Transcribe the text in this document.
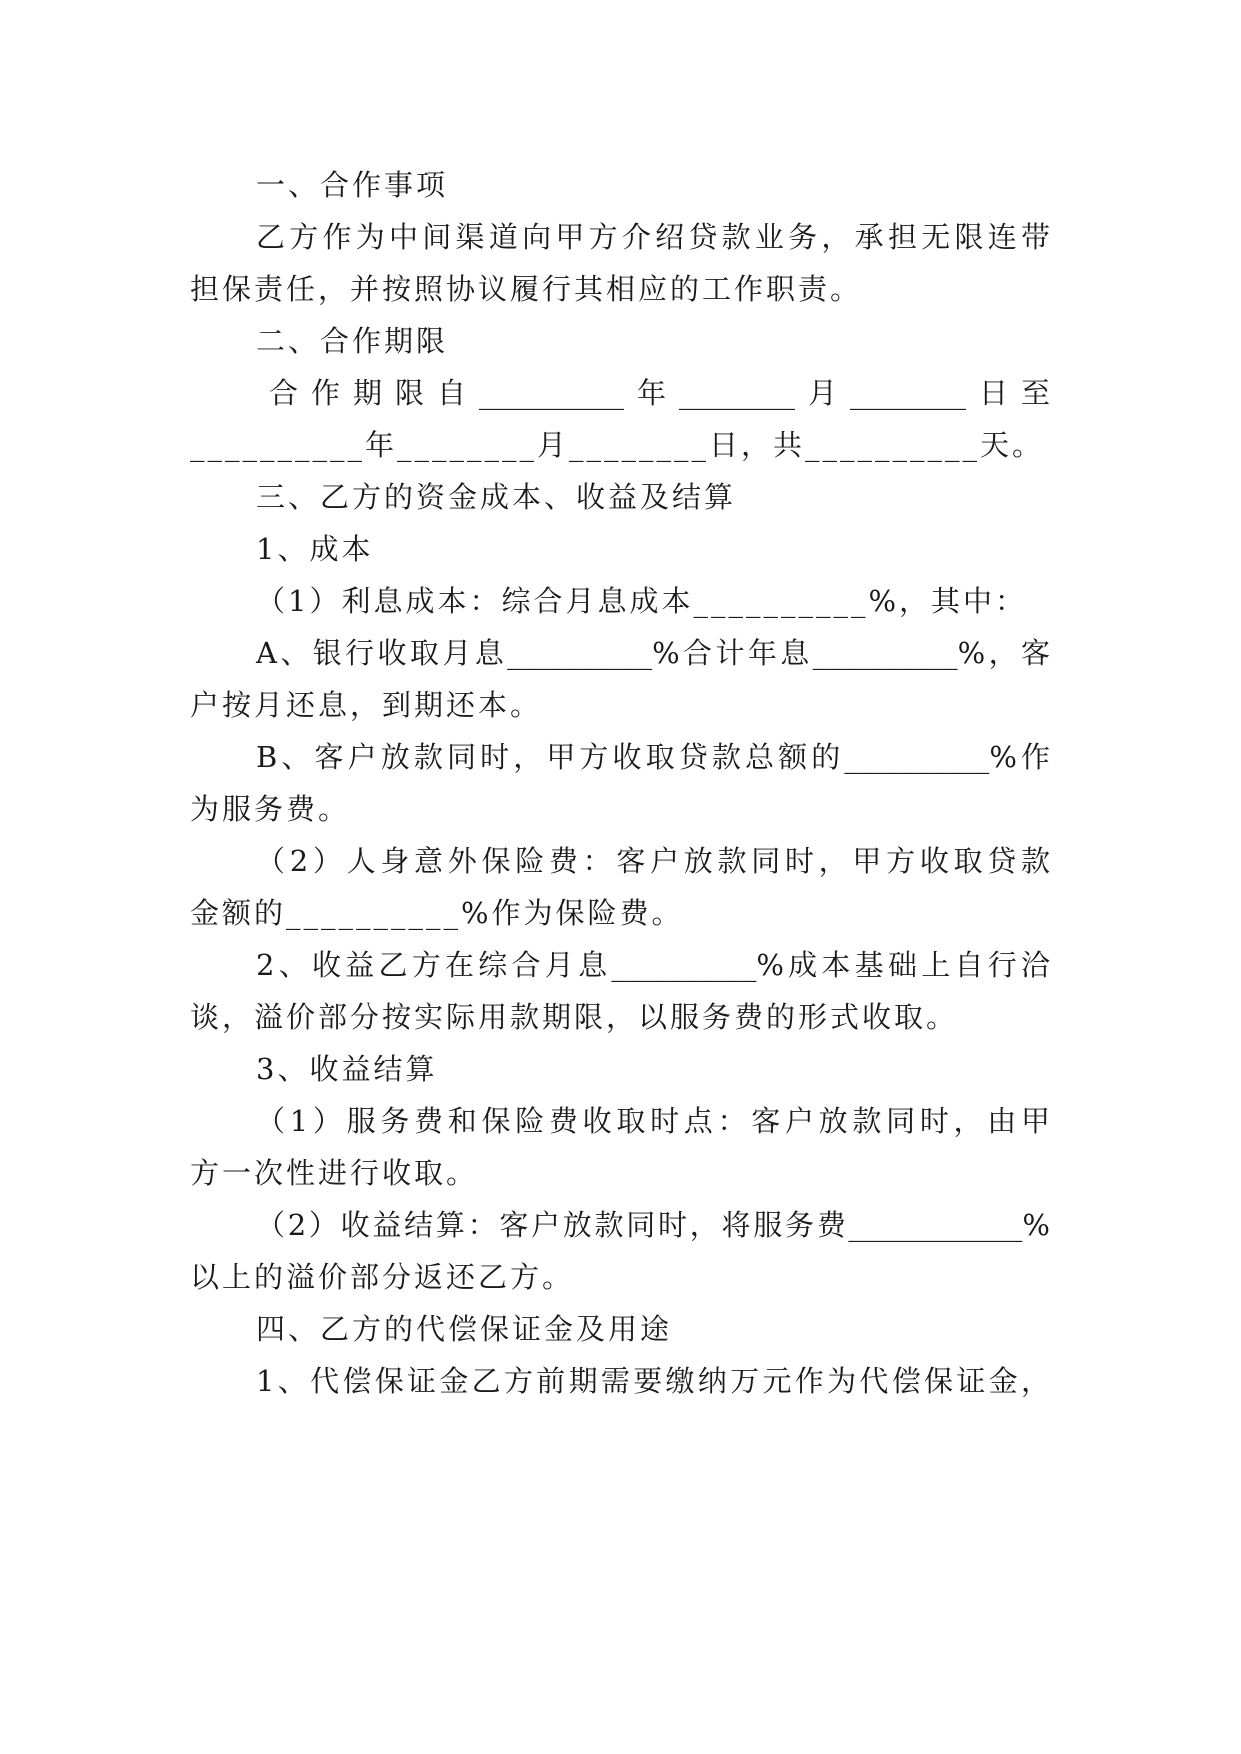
一、合作事项
乙方作为中间渠道向甲方介绍贷款业务，承担无限连带
担保责任，并按照协议履行其相应的工作职责。
二、合作期限
合作期限自__________年________月________日至
__________年________月________日，共__________天。
三、乙方的资金成本、收益及结算
1、成本
（1）利息成本：综合月息成本__________%，其中：
A、银行收取月息__________%合计年息__________%，客
户按月还息，到期还本。
B、客户放款同时，甲方收取贷款总额的__________%作
为服务费。
（2）人身意外保险费：客户放款同时，甲方收取贷款
金额的__________%作为保险费。
2、收益乙方在综合月息__________%成本基础上自行洽
谈，溢价部分按实际用款期限，以服务费的形式收取。
3、收益结算
（1）服务费和保险费收取时点：客户放款同时，由甲
方一次性进行收取。
（2）收益结算：客户放款同时，将服务费____________%
以上的溢价部分返还乙方。
四、乙方的代偿保证金及用途
1、代偿保证金乙方前期需要缴纳万元作为代偿保证金，
